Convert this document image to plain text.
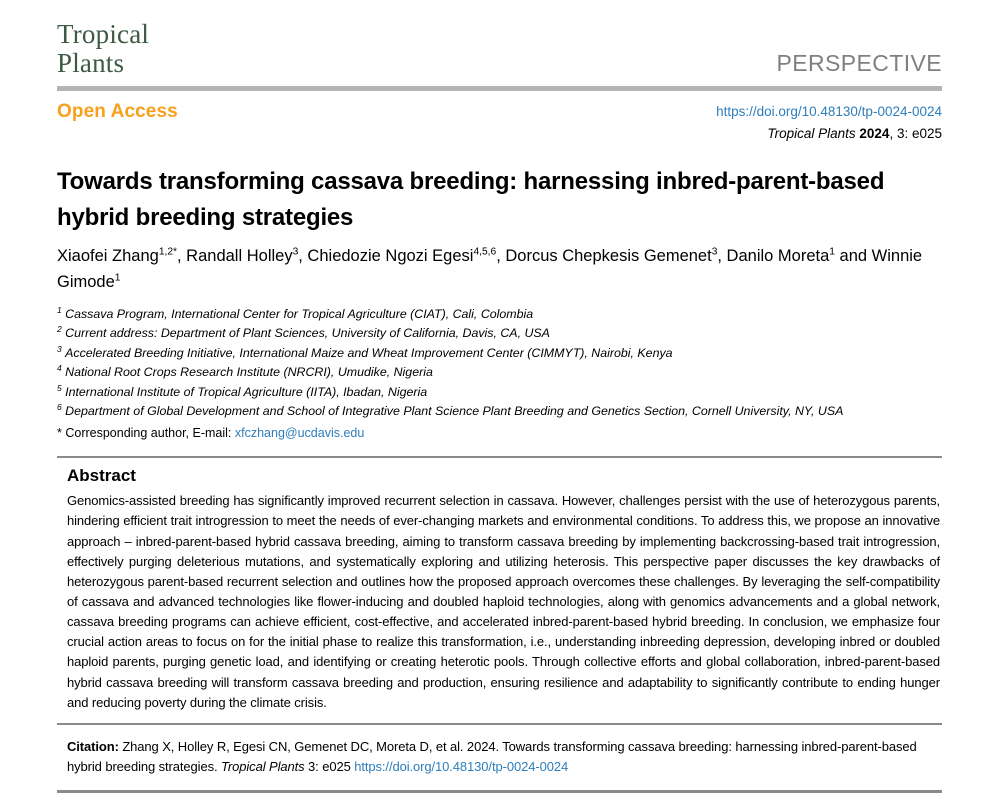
Tropical
Plants	PERSPECTIVE
Open Access	https://doi.org/10.48130/tp-0024-0024
Tropical Plants 2024, 3: e025
Towards transforming cassava breeding: harnessing inbred-parent-based hybrid breeding strategies
Xiaofei Zhang$^{1,2*}$, Randall Holley$^3$, Chiedozie Ngozi Egesi$^{4,5,6}$, Dorcus Chepkesis Gemenet$^3$, Danilo Moreta$^1$ and Winnie Gimode$^1$
$^1$ Cassava Program, International Center for Tropical Agriculture (CIAT), Cali, Colombia
$^2$ Current address: Department of Plant Sciences, University of California, Davis, CA, USA
$^3$ Accelerated Breeding Initiative, International Maize and Wheat Improvement Center (CIMMYT), Nairobi, Kenya
$^4$ National Root Crops Research Institute (NRCRI), Umudike, Nigeria
$^5$ International Institute of Tropical Agriculture (IITA), Ibadan, Nigeria
$^6$ Department of Global Development and School of Integrative Plant Science Plant Breeding and Genetics Section, Cornell University, NY, USA
* Corresponding author, E-mail: xfczhang@ucdavis.edu
Abstract

Genomics-assisted breeding has significantly improved recurrent selection in cassava. However, challenges persist with the use of heterozygous parents, hindering efficient trait introgression to meet the needs of ever-changing markets and environmental conditions. To address this, we propose an innovative approach – inbred-parent-based hybrid cassava breeding, aiming to transform cassava breeding by implementing backcrossing-based trait introgression, effectively purging deleterious mutations, and systematically exploring and utilizing heterosis. This perspective paper discusses the key drawbacks of heterozygous parent-based recurrent selection and outlines how the proposed approach overcomes these challenges. By leveraging the self-compatibility of cassava and advanced technologies like flower-inducing and doubled haploid technologies, along with genomics advancements and a global network, cassava breeding programs can achieve efficient, cost-effective, and accelerated inbred-parent-based hybrid breeding. In conclusion, we emphasize four crucial action areas to focus on for the initial phase to realize this transformation, i.e., understanding inbreeding depression, developing inbred or doubled haploid parents, purging genetic load, and identifying or creating heterotic pools. Through collective efforts and global collaboration, inbred-parent-based hybrid cassava breeding will transform cassava breeding and production, ensuring resilience and adaptability to significantly contribute to ending hunger and reducing poverty during the climate crisis.

Citation: Zhang X, Holley R, Egesi CN, Gemenet DC, Moreta D, et al. 2024. Towards transforming cassava breeding: harnessing inbred-parent-based hybrid breeding strategies. Tropical Plants 3: e025 https://doi.org/10.48130/tp-0024-0024
